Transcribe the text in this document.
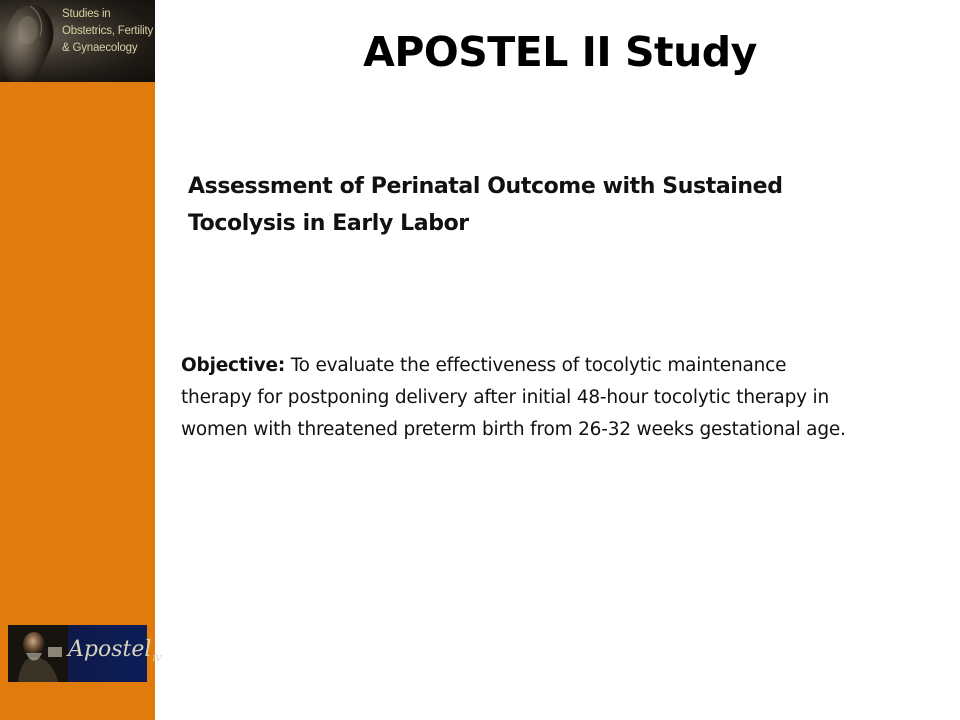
Studies in
Obstetrics, Fertility
& Gynaecology
Apostel$_{IV}$
APOSTEL II Study

Assessment of Perinatal Outcome with Sustained Tocolysis in Early Labor

Objective: To evaluate the effectiveness of tocolytic maintenance therapy for postponing delivery after initial 48-hour tocolytic therapy in women with threatened preterm birth from 26-32 weeks gestational age.
